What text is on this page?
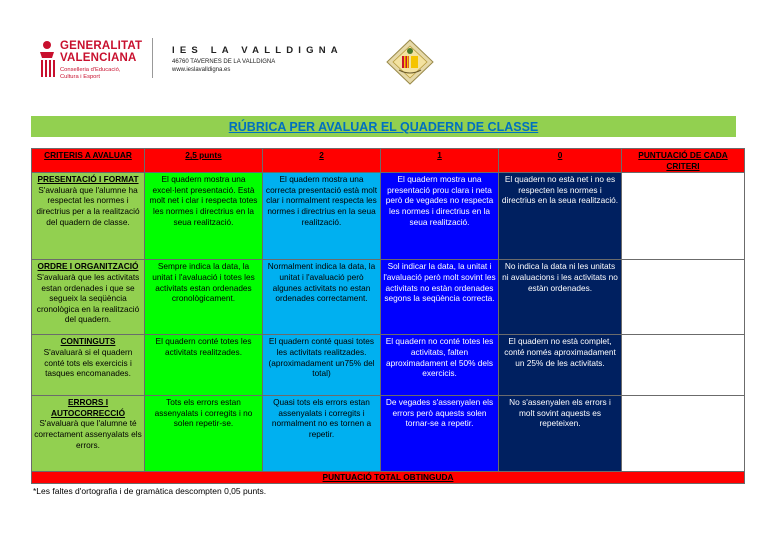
GENERALITAT
VALENCIANA
Conselleria d'Educació,
Cultura i Esport
IES LA VALLDIGNA
46760 TAVERNES DE LA VALLDIGNA
www.ieslavalldigna.es
RÚBRICA PER AVALUAR EL QUADERN DE CLASSE
CRITERIS A AVALUAR	2,5 punts	2	1	0	PUNTUACIÓ DE CADA CRITERI

PRESENTACIÓ I FORMAT
S'avaluarà que l'alumne ha respectat les normes i directrius per a la realització del quadern de classe.	El quadern mostra una excel·lent presentació. Està molt net i clar i respecta totes les normes i directrius en la seua realització.	El quadern mostra una correcta presentació està molt clar i normalment respecta les normes i directrius en la seua realització.	El quadern mostra una presentació prou clara i neta però de vegades no respecta les normes i directrius en la seua realització.	El quadern no està net i no es respecten les normes i directrius en la seua realització.	

ORDRE I ORGANITZACIÓ
S'avaluarà que les activitats estan ordenades i que se segueix la seqüència cronològica en la realització del quadern.	Sempre indica la data, la unitat i l'avaluació i totes les activitats estan ordenades cronològicament.	Normalment indica la data, la unitat i l'avaluació però algunes activitats no estan ordenades correctament.	Sol indicar la data, la unitat i l'avaluació però molt sovint les activitats no estàn ordenades segons la seqüència correcta.	No indica la data ni les unitats ni avaluacions i les activitats no estàn ordenades.	

CONTINGUTS
S'avaluarà si el quadern conté tots els exercicis i tasques encomanades.	El quadern conté totes les activitats realitzades.	El quadern conté quasi totes les activitats realitzades. (aproximadament un75% del total)	El quadern no conté totes les activitats, falten aproximadament el 50% dels exercicis.	El quadern no està complet, conté només aproximadament un 25% de les activitats.	

ERRORS I AUTOCORRECCIÓ
S'avaluarà que l'alumne té correctament assenyalats els errors.	Tots els errors estan assenyalats i corregits i no solen repetir-se.	Quasi tots els errors estan assenyalats i corregits i normalment no es tornen a repetir.	De vegades s'assenyalen els errors però aquests solen tornar-se a repetir.	No s'assenyalen els errors i molt sovint aquests es repeteixen.	
PUNTUACIÓ TOTAL OBTINGUDA					
*Les faltes d'ortografia i de gramàtica descompten 0,05 punts.
